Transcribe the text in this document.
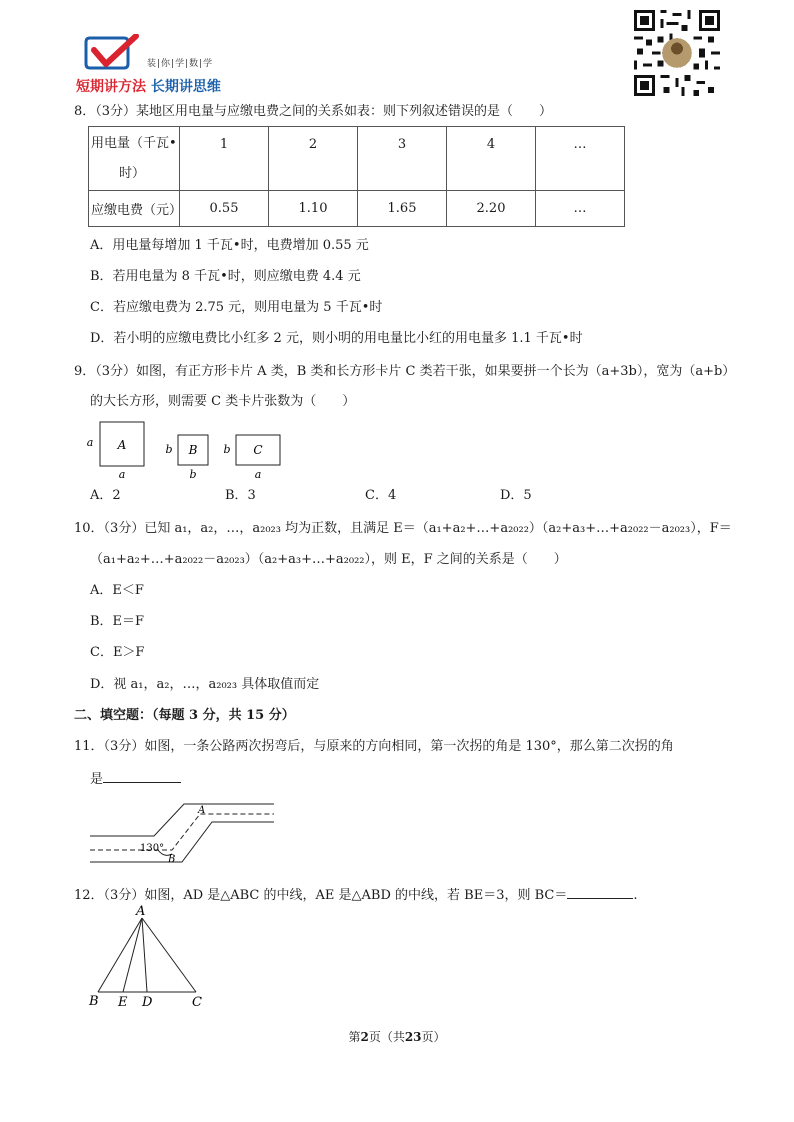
装|你|学|数|学
短期讲方法 长期讲思维
8．（3分）某地区用电量与应缴电费之间的关系如表：则下列叙述错误的是（　　）
用电量（千瓦•
时）	1	2	3	4	…
应缴电费（元）	0.55	1.10	1.65	2.20	…
A．用电量每增加 1 千瓦•时，电费增加 0.55 元
B．若用电量为 8 千瓦•时，则应缴电费 4.4 元
C．若应缴电费为 2.75 元，则用电量为 5 千瓦•时
D．若小明的应缴电费比小红多 2 元，则小明的用电量比小红的用电量多 1.1 千瓦•时
9．（3分）如图，有正方形卡片 A 类，B 类和长方形卡片 C 类若干张，如果要拼一个长为（a+3b），宽为（a+b）
的大长方形，则需要 C 类卡片张数为（　　）
A
a
a
B
b
b
C
b
a
A．2	B．3	C．4	D．5
10．（3分）已知 a₁，a₂，…，a₂₀₂₃ 均为正数，且满足 E＝（a₁+a₂+…+a₂₀₂₂）（a₂+a₃+…+a₂₀₂₂－a₂₀₂₃），F＝
（a₁+a₂+…+a₂₀₂₂－a₂₀₂₃）（a₂+a₃+…+a₂₀₂₂），则 E，F 之间的关系是（　　）
A．E＜F
B．E＝F
C．E＞F
D．视 a₁，a₂，…，a₂₀₂₃ 具体取值而定
二、填空题：（每题 3 分，共 15 分）
11．（3分）如图，一条公路两次拐弯后，与原来的方向相同，第一次拐的角是 130°，那么第二次拐的角
是
130°
A
B
12．（3分）如图，AD 是△ABC 的中线，AE 是△ABD 的中线，若 BE＝3，则 BC＝	.
A
B E D	C
第2页（共23页）
